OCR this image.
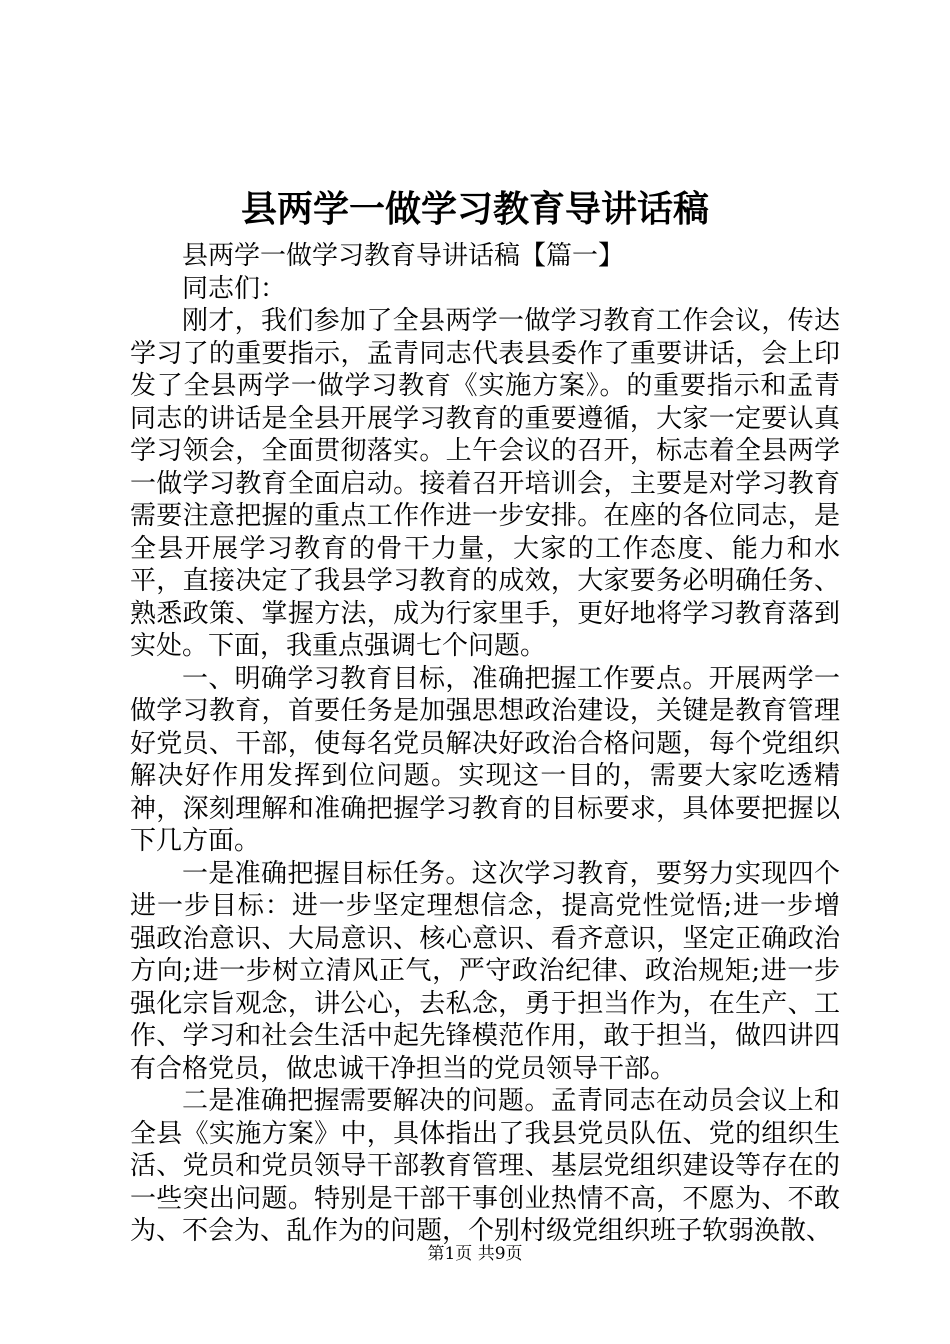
县两学一做学习教育导讲话稿

县两学一做学习教育导讲话稿【篇一】

同志们：

刚才，我们参加了全县两学一做学习教育工作会议，传达学习了的重要指示，孟青同志代表县委作了重要讲话，会上印发了全县两学一做学习教育《实施方案》。的重要指示和孟青同志的讲话是全县开展学习教育的重要遵循，大家一定要认真学习领会，全面贯彻落实。上午会议的召开，标志着全县两学一做学习教育全面启动。接着召开培训会，主要是对学习教育需要注意把握的重点工作作进一步安排。在座的各位同志，是全县开展学习教育的骨干力量，大家的工作态度、能力和水平，直接决定了我县学习教育的成效，大家要务必明确任务、熟悉政策、掌握方法，成为行家里手，更好地将学习教育落到实处。下面，我重点强调七个问题。

一、明确学习教育目标，准确把握工作要点。开展两学一做学习教育，首要任务是加强思想政治建设，关键是教育管理好党员、干部，使每名党员解决好政治合格问题，每个党组织解决好作用发挥到位问题。实现这一目的，需要大家吃透精神，深刻理解和准确把握学习教育的目标要求，具体要把握以下几方面。

一是准确把握目标任务。这次学习教育，要努力实现四个进一步目标：进一步坚定理想信念，提高党性觉悟;进一步增强政治意识、大局意识、核心意识、看齐意识，坚定正确政治方向;进一步树立清风正气，严守政治纪律、政治规矩;进一步强化宗旨观念，讲公心，去私念，勇于担当作为，在生产、工作、学习和社会生活中起先锋模范作用，敢于担当，做四讲四有合格党员，做忠诚干净担当的党员领导干部。

二是准确把握需要解决的问题。孟青同志在动员会议上和全县《实施方案》中，具体指出了我县党员队伍、党的组织生活、党员和党员领导干部教育管理、基层党组织建设等存在的一些突出问题。特别是干部干事创业热情不高，不愿为、不敢为、不会为、乱作为的问题，个别村级党组织班子软弱涣散、

第1页 共9页
